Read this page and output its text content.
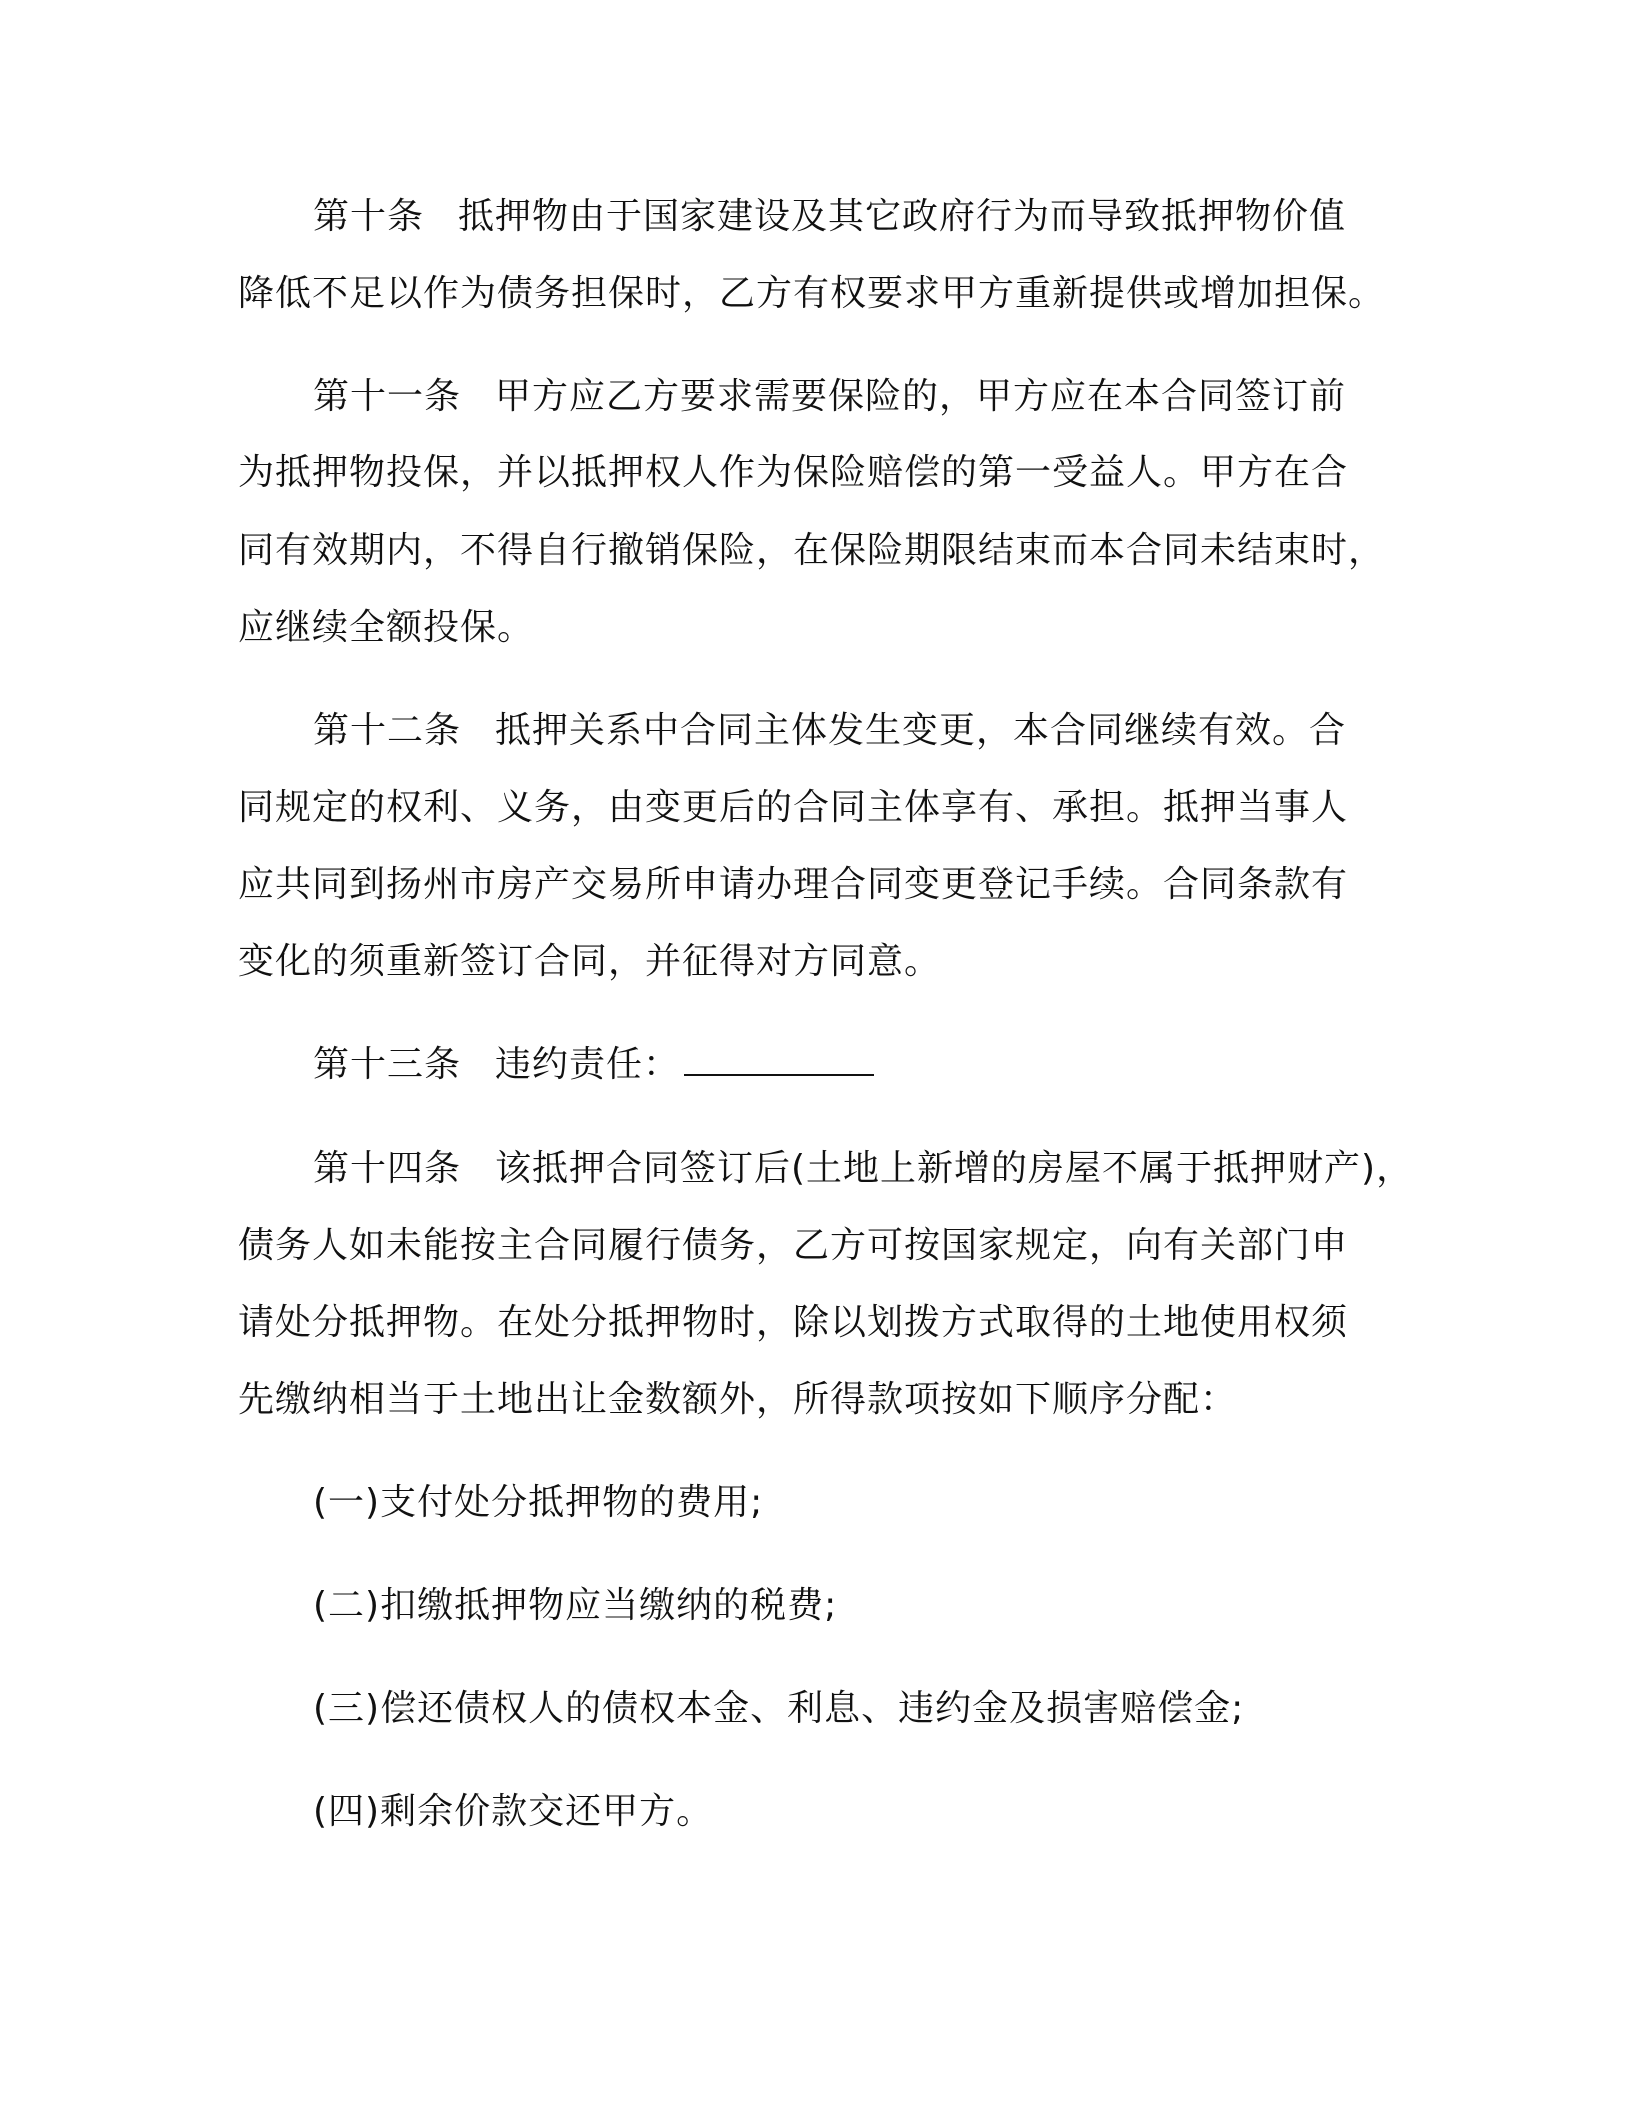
第十条 抵押物由于国家建设及其它政府行为而导致抵押物价值
降低不足以作为债务担保时，乙方有权要求甲方重新提供或增加担保。
第十一条 甲方应乙方要求需要保险的，甲方应在本合同签订前
为抵押物投保，并以抵押权人作为保险赔偿的第一受益人。甲方在合
同有效期内，不得自行撤销保险，在保险期限结束而本合同未结束时，
应继续全额投保。
第十二条 抵押关系中合同主体发生变更，本合同继续有效。合
同规定的权利、义务，由变更后的合同主体享有、承担。抵押当事人
应共同到扬州市房产交易所申请办理合同变更登记手续。合同条款有
变化的须重新签订合同，并征得对方同意。
第十三条 违约责任：
第十四条 该抵押合同签订后(土地上新增的房屋不属于抵押财产)，
债务人如未能按主合同履行债务，乙方可按国家规定，向有关部门申
请处分抵押物。在处分抵押物时，除以划拨方式取得的土地使用权须
先缴纳相当于土地出让金数额外，所得款项按如下顺序分配：
(一)支付处分抵押物的费用;
(二)扣缴抵押物应当缴纳的税费;
(三)偿还债权人的债权本金、利息、违约金及损害赔偿金;
(四)剩余价款交还甲方。
